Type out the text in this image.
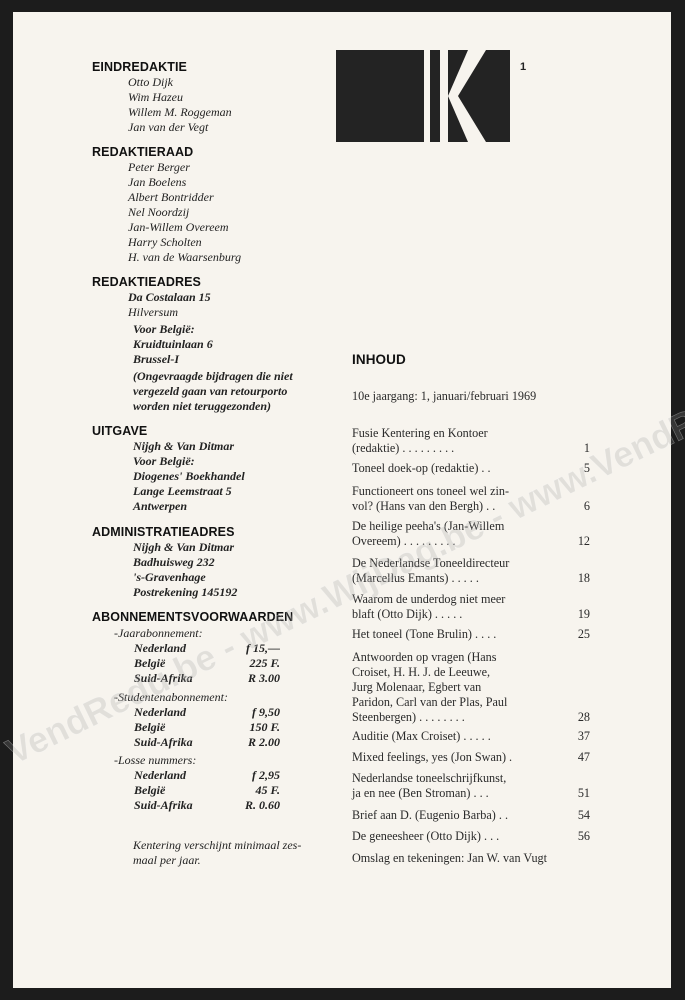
1
EINDREDAKTIE
Otto Dijk
Wim Hazeu
Willem M. Roggeman
Jan van der Vegt
REDAKTIERAAD
Peter Berger
Jan Boelens
Albert Bontridder
Nel Noordzij
Jan-Willem Overeem
Harry Scholten
H. van de Waarsenburg
REDAKTIEADRES
Da Costalaan 15
Hilversum
Voor België:
Kruidtuinlaan 6
Brussel-I
(Ongevraagde bijdragen die niet
vergezeld gaan van retourporto
worden niet teruggezonden)
UITGAVE
Nijgh & Van Ditmar
Voor België:
Diogenes' Boekhandel
Lange Leemstraat 5
Antwerpen
ADMINISTRATIEADRES
Nijgh & Van Ditmar
Badhuisweg 232
's-Gravenhage
Postrekening 145192
ABONNEMENTSVOORWAARDEN
-Jaarabonnement:
Nederland	f 15,—
België	225 F.
Suid-Afrika	R 3.00
-Studentenabonnement:
Nederland	f 9,50
België	150 F.
Suid-Afrika	R 2.00
-Losse nummers:
Nederland	f 2,95
België	45 F.
Suid-Afrika	R. 0.60
Kentering verschijnt minimaal zes-
maal per jaar.
INHOUD
10e jaargang: 1, januari/februari 1969
Fusie Kentering en Kontoer
(redaktie) . . . . . . . . .	1
Toneel doek-op (redaktie) . .	5
Functioneert ons toneel wel zin-
vol? (Hans van den Bergh) . .	6
De heilige peeha's (Jan-Willem
Overeem) . . . . . . . . .	12
De Nederlandse Toneeldirecteur
(Marcellus Emants) . . . . .	18
Waarom de underdog niet meer
blaft (Otto Dijk) . . . . .	19
Het toneel (Tone Brulin) . . . .	25
Antwoorden op vragen (Hans
Croiset, H. H. J. de Leeuwe,
Jurg Molenaar, Egbert van
Paridon, Carl van der Plas, Paul
Steenbergen) . . . . . . . .	28
Auditie (Max Croiset) . . . . .	37
Mixed feelings, yes (Jon Swan) .	47
Nederlandse toneelschrijfkunst,
ja en nee (Ben Stroman) . . .	51
Brief aan D. (Eugenio Barba) . .	54
De geneesheer (Otto Dijk) . . .	56
Omslag en tekeningen: Jan W. van Vugt
VendRedu.be - www.WijDag.be -
